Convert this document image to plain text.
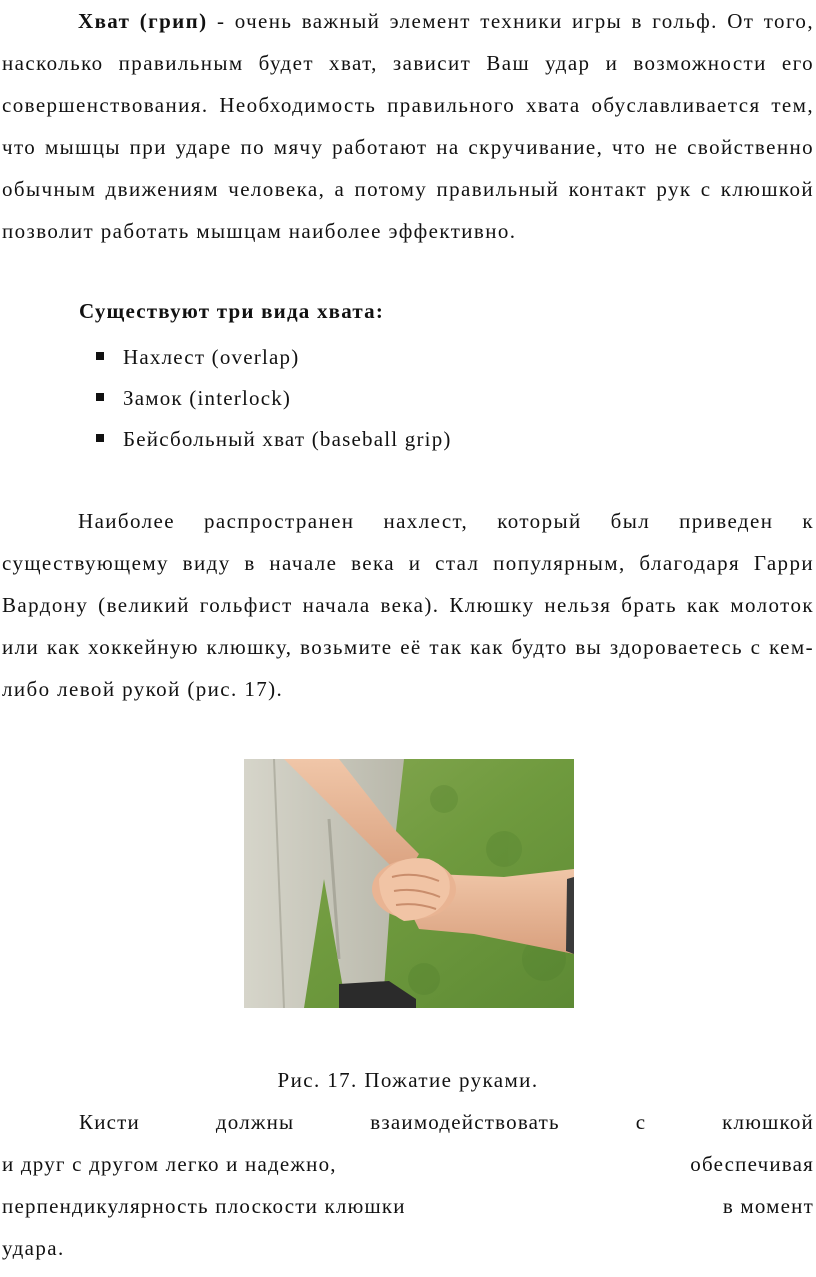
Хват (грип) - очень важный элемент техники игры в гольф. От того, насколько правильным будет хват, зависит Ваш удар и возможности его совершенствования. Необходимость правильного хвата обуславливается тем, что мышцы при ударе по мячу работают на скручивание, что не свойственно обычным движениям человека, а потому правильный контакт рук с клюшкой позволит работать мышцам наиболее эффективно.

Существуют три вида хвата:

Нахлест (overlap)
Замок (interlock)
Бейсбольный хват (baseball grip)

Наиболее распространен нахлест, который был приведен к существующему виду в начале века и стал популярным, благодаря Гарри Вардону (великий гольфист начала века). Клюшку нельзя брать как молоток или как хоккейную клюшку, возьмите её так как будто вы здороваетесь с кем-либо левой рукой (рис. 17).

Рис. 17. Пожатие руками.

Кисти	должны	взаимодействовать	с	клюшкой

и друг с другом легко и надежно,	обеспечивая

перпендикулярность плоскости клюшки	в момент

удара.
